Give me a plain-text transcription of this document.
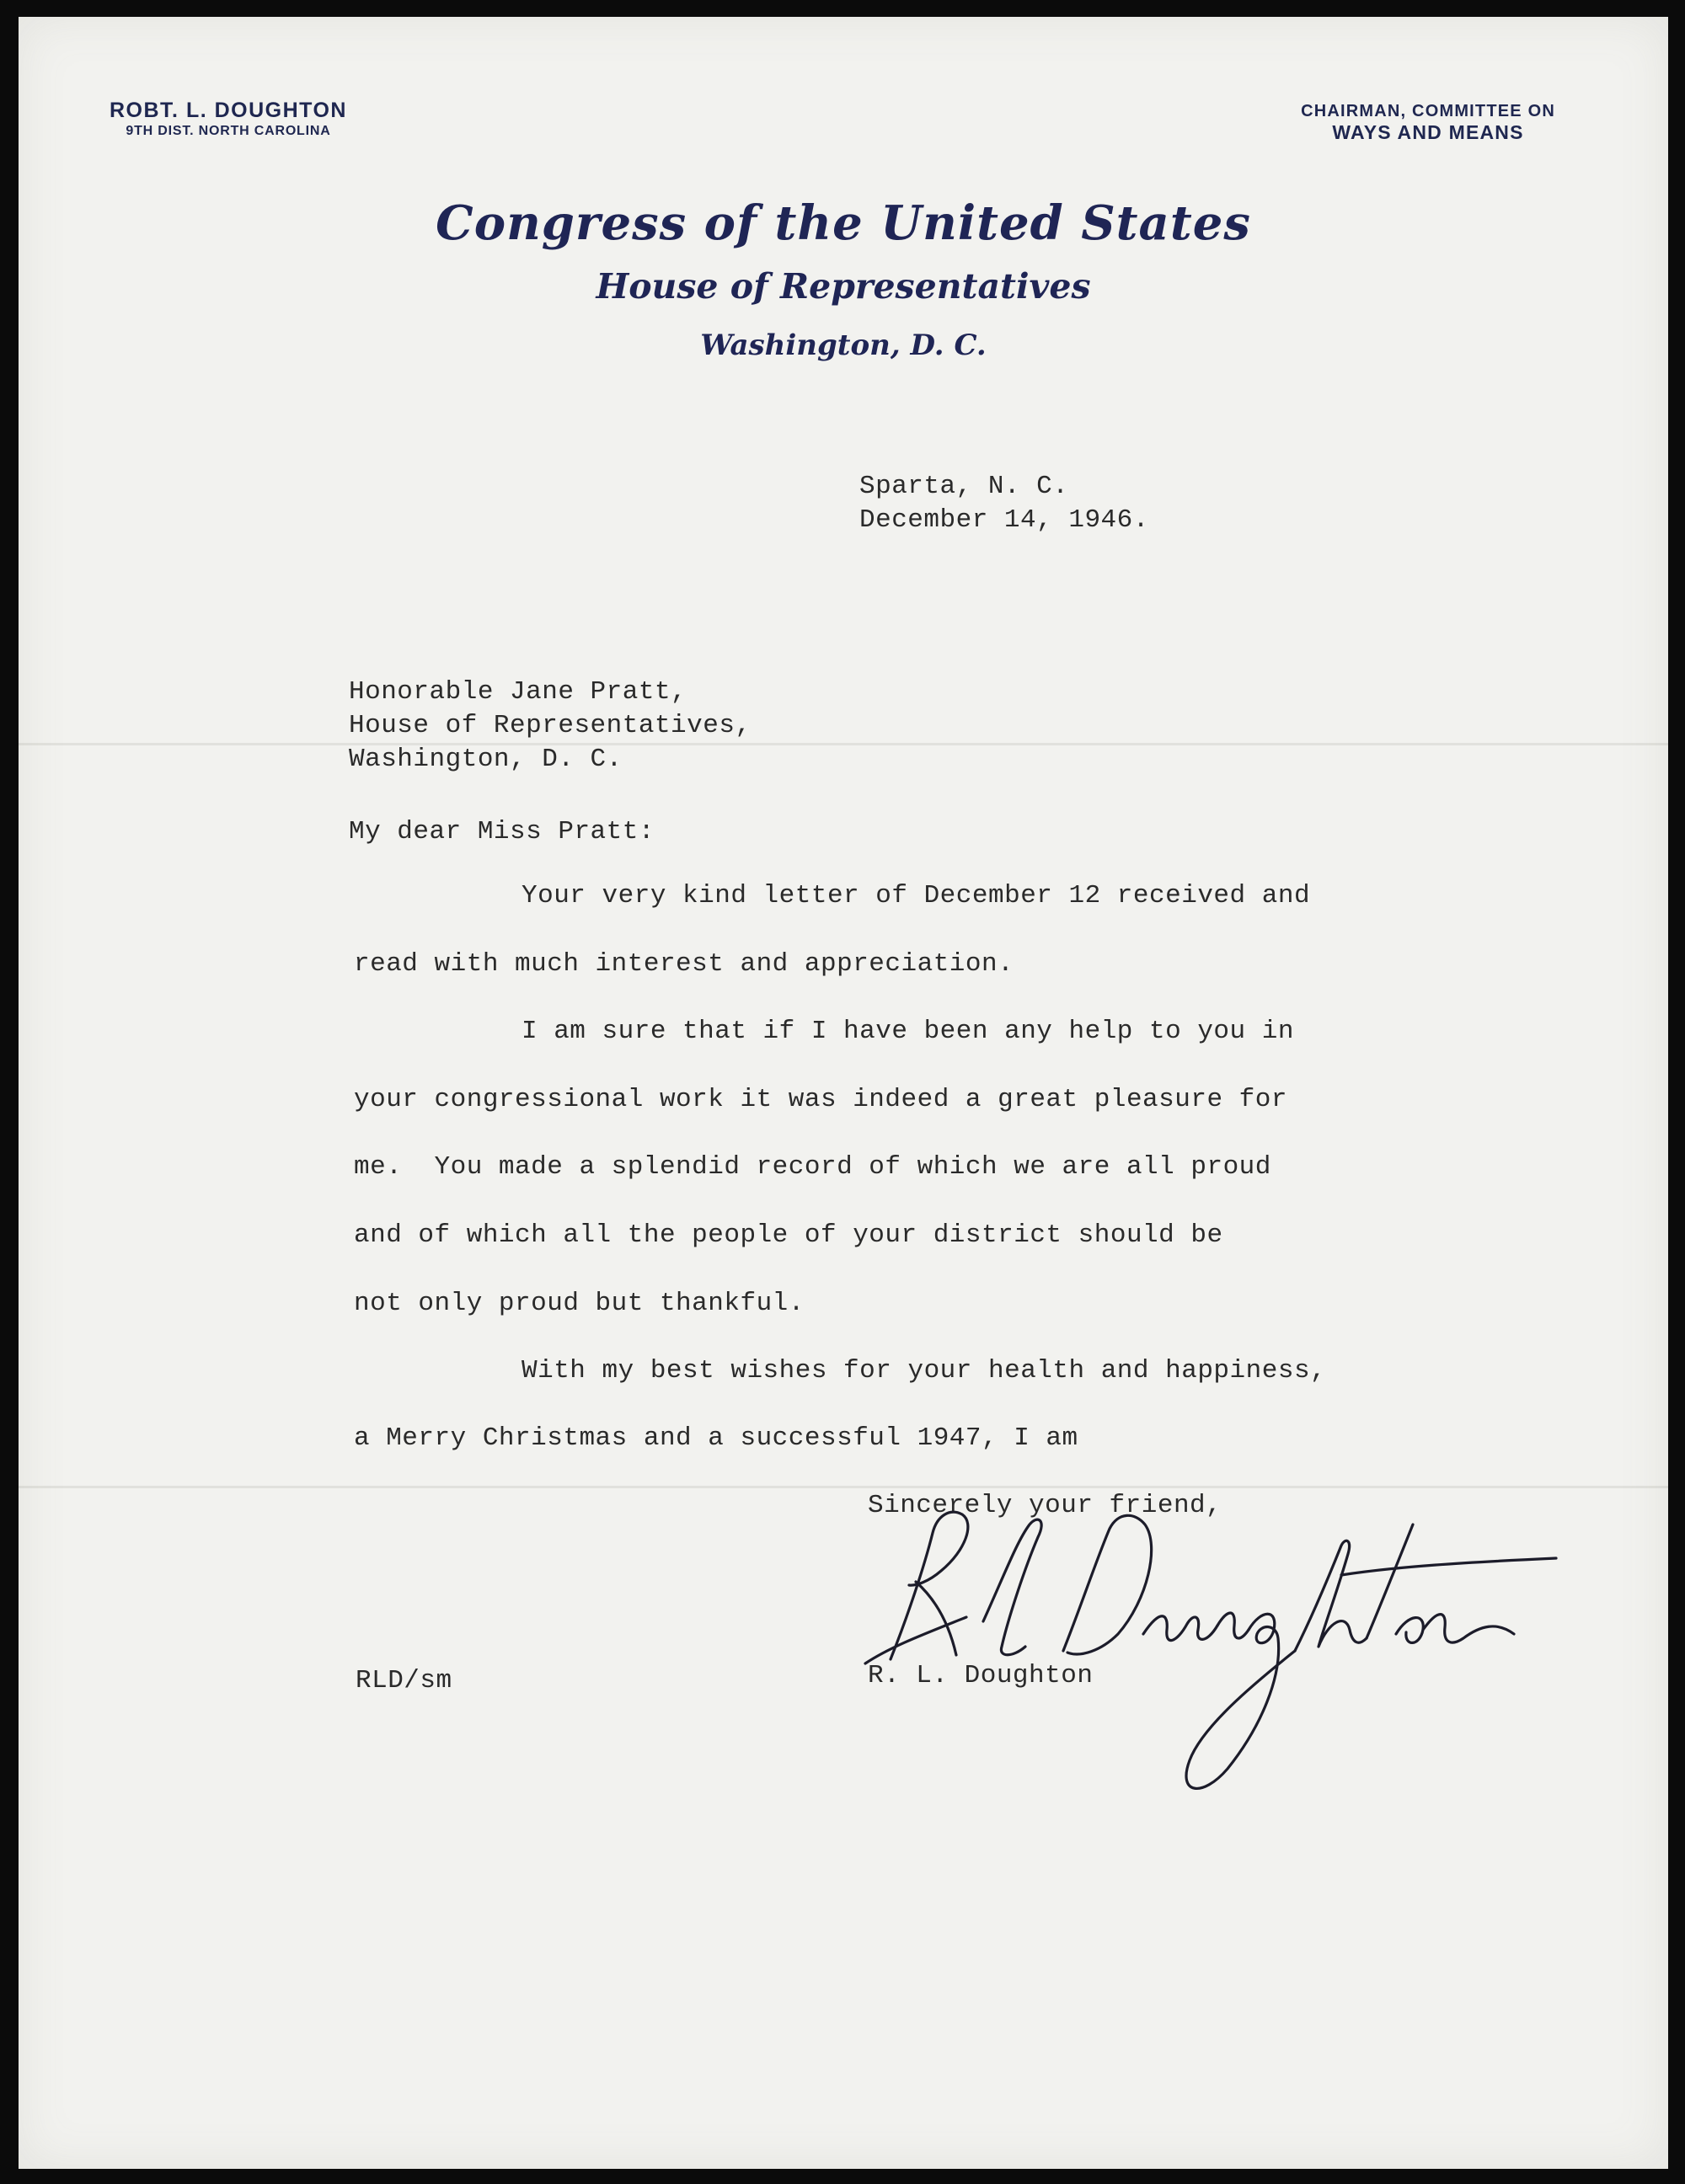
ROBT. L. DOUGHTON
9TH DIST. NORTH CAROLINA
CHAIRMAN, COMMITTEE ON
WAYS AND MEANS
Congress of the United States
House of Representatives
Washington, D. C.
Sparta, N. C.
December 14, 1946.
Honorable Jane Pratt,
House of Representatives,
Washington, D. C.
My dear Miss Pratt:
Your very kind letter of December 12 received and
read with much interest and appreciation.
I am sure that if I have been any help to you in
your congressional work it was indeed a great pleasure for
me.  You made a splendid record of which we are all proud
and of which all the people of your district should be
not only proud but thankful.
With my best wishes for your health and happiness,
a Merry Christmas and a successful 1947, I am
Sincerely your friend,
RLD/sm	R. L. Doughton
